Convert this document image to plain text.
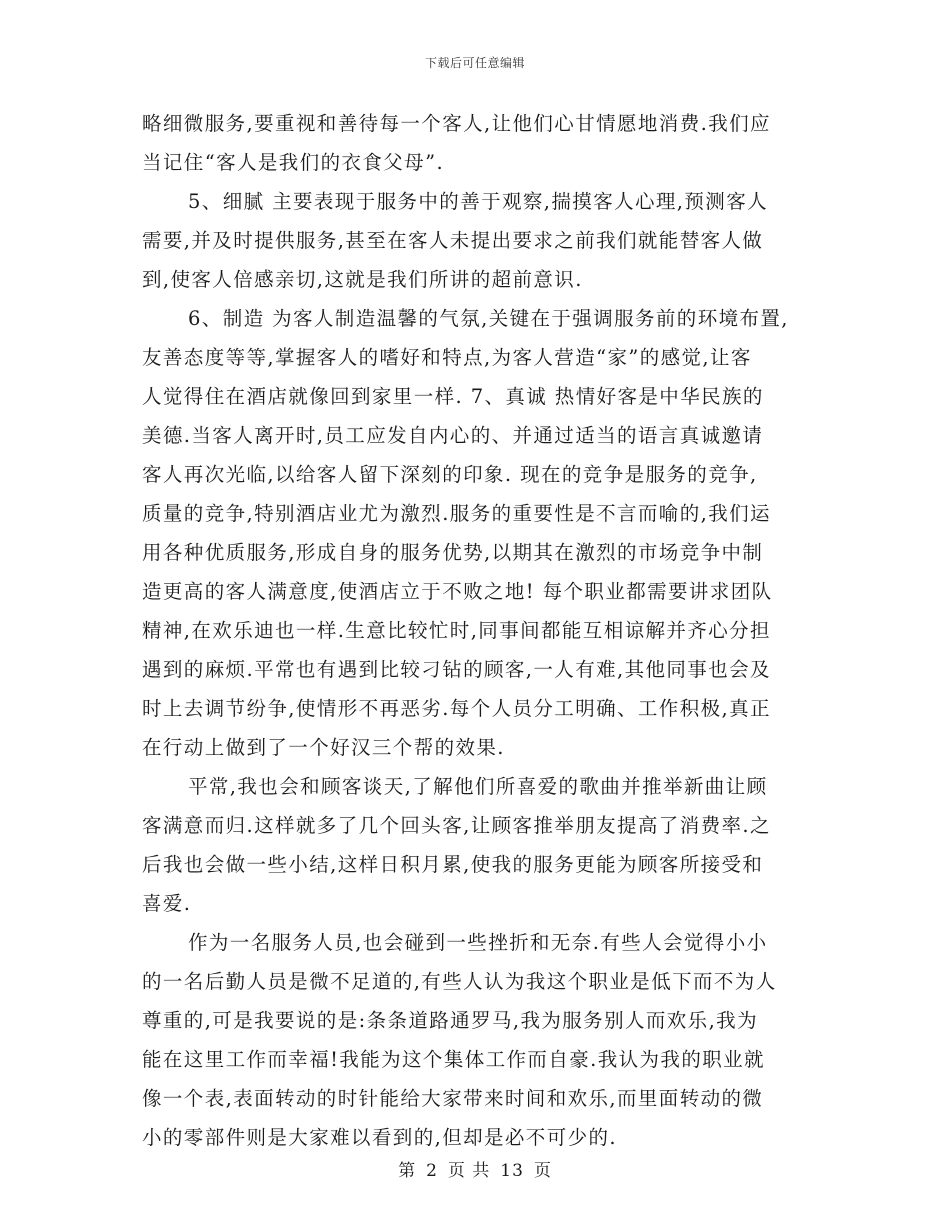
下载后可任意编辑
略细微服务,要重视和善待每一个客人,让他们心甘情愿地消费.我们应
当记住“客人是我们的衣食父母”.
5、细腻 主要表现于服务中的善于观察,揣摸客人心理,预测客人
需要,并及时提供服务,甚至在客人未提出要求之前我们就能替客人做
到,使客人倍感亲切,这就是我们所讲的超前意识.
6、制造 为客人制造温馨的气氛,关键在于强调服务前的环境布置,
友善态度等等,掌握客人的嗜好和特点,为客人营造“家”的感觉,让客
人觉得住在酒店就像回到家里一样. 7、真诚 热情好客是中华民族的
美德.当客人离开时,员工应发自内心的、并通过适当的语言真诚邀请
客人再次光临,以给客人留下深刻的印象. 现在的竞争是服务的竞争,
质量的竞争,特别酒店业尤为激烈.服务的重要性是不言而喻的,我们运
用各种优质服务,形成自身的服务优势,以期其在激烈的市场竞争中制
造更高的客人满意度,使酒店立于不败之地! 每个职业都需要讲求团队
精神,在欢乐迪也一样.生意比较忙时,同事间都能互相谅解并齐心分担
遇到的麻烦.平常也有遇到比较刁钻的顾客,一人有难,其他同事也会及
时上去调节纷争,使情形不再恶劣.每个人员分工明确、工作积极,真正
在行动上做到了一个好汉三个帮的效果.
平常,我也会和顾客谈天,了解他们所喜爱的歌曲并推举新曲让顾
客满意而归.这样就多了几个回头客,让顾客推举朋友提高了消费率.之
后我也会做一些小结,这样日积月累,使我的服务更能为顾客所接受和
喜爱.
作为一名服务人员,也会碰到一些挫折和无奈.有些人会觉得小小
的一名后勤人员是微不足道的,有些人认为我这个职业是低下而不为人
尊重的,可是我要说的是:条条道路通罗马,我为服务别人而欢乐,我为
能在这里工作而幸福!我能为这个集体工作而自豪.我认为我的职业就
像一个表,表面转动的时针能给大家带来时间和欢乐,而里面转动的微
小的零部件则是大家难以看到的,但却是必不可少的.
第 2 页 共 13 页
